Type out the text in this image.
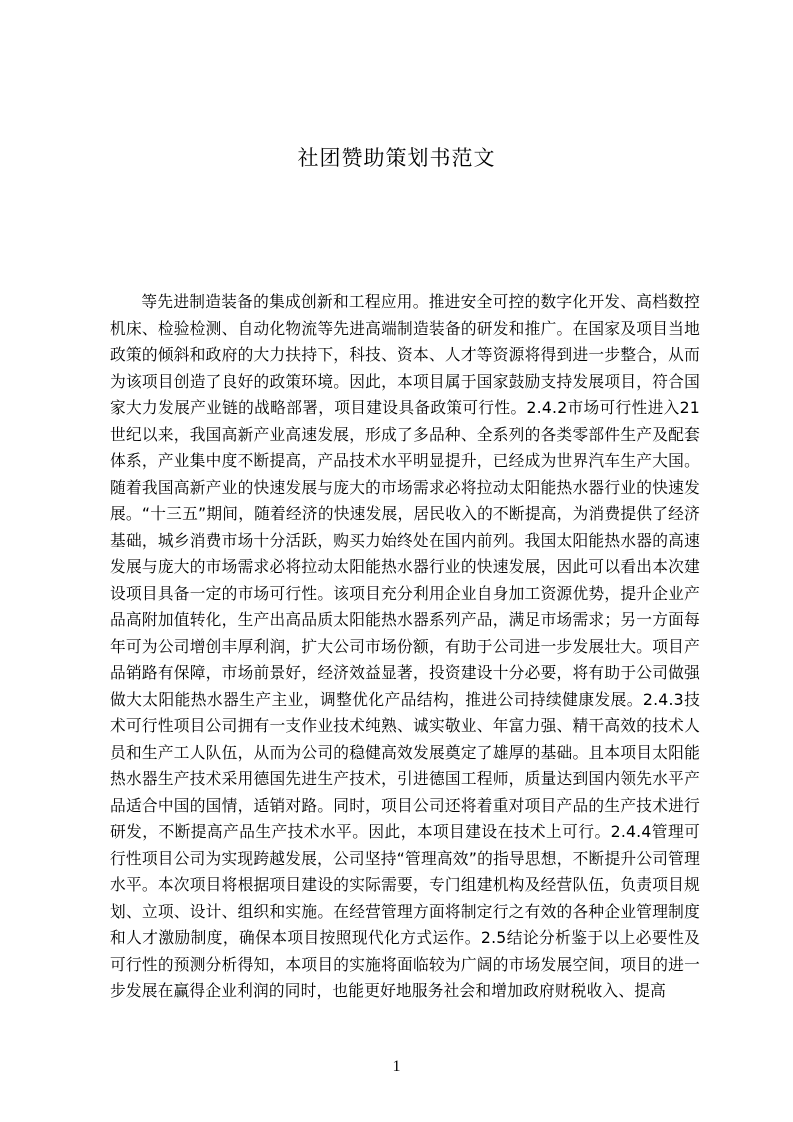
社团赞助策划书范文

等先进制造装备的集成创新和工程应用。推进安全可控的数字化开发、高档数控机床、检验检测、自动化物流等先进高端制造装备的研发和推广。在国家及项目当地政策的倾斜和政府的大力扶持下，科技、资本、人才等资源将得到进一步整合，从而为该项目创造了良好的政策环境。因此，本项目属于国家鼓励支持发展项目，符合国家大力发展产业链的战略部署，项目建设具备政策可行性。2.4.2市场可行性进入21世纪以来，我国高新产业高速发展，形成了多品种、全系列的各类零部件生产及配套体系，产业集中度不断提高，产品技术水平明显提升，已经成为世界汽车生产大国。随着我国高新产业的快速发展与庞大的市场需求必将拉动太阳能热水器行业的快速发展。“十三五”期间，随着经济的快速发展，居民收入的不断提高，为消费提供了经济基础，城乡消费市场十分活跃，购买力始终处在国内前列。我国太阳能热水器的高速发展与庞大的市场需求必将拉动太阳能热水器行业的快速发展，因此可以看出本次建设项目具备一定的市场可行性。该项目充分利用企业自身加工资源优势，提升企业产品高附加值转化，生产出高品质太阳能热水器系列产品，满足市场需求；另一方面每年可为公司增创丰厚利润，扩大公司市场份额，有助于公司进一步发展壮大。项目产品销路有保障，市场前景好，经济效益显著，投资建设十分必要，将有助于公司做强做大太阳能热水器生产主业，调整优化产品结构，推进公司持续健康发展。2.4.3技术可行性项目公司拥有一支作业技术纯熟、诚实敬业、年富力强、精干高效的技术人员和生产工人队伍，从而为公司的稳健高效发展奠定了雄厚的基础。且本项目太阳能热水器生产技术采用德国先进生产技术，引进德国工程师，质量达到国内领先水平产品适合中国的国情，适销对路。同时，项目公司还将着重对项目产品的生产技术进行研发，不断提高产品生产技术水平。因此，本项目建设在技术上可行。2.4.4管理可行性项目公司为实现跨越发展，公司坚持“管理高效”的指导思想，不断提升公司管理水平。本次项目将根据项目建设的实际需要，专门组建机构及经营队伍，负责项目规划、立项、设计、组织和实施。在经营管理方面将制定行之有效的各种企业管理制度和人才激励制度，确保本项目按照现代化方式运作。2.5结论分析鉴于以上必要性及可行性的预测分析得知，本项目的实施将面临较为广阔的市场发展空间，项目的进一步发展在赢得企业利润的同时，也能更好地服务社会和增加政府财税收入、提高

1
